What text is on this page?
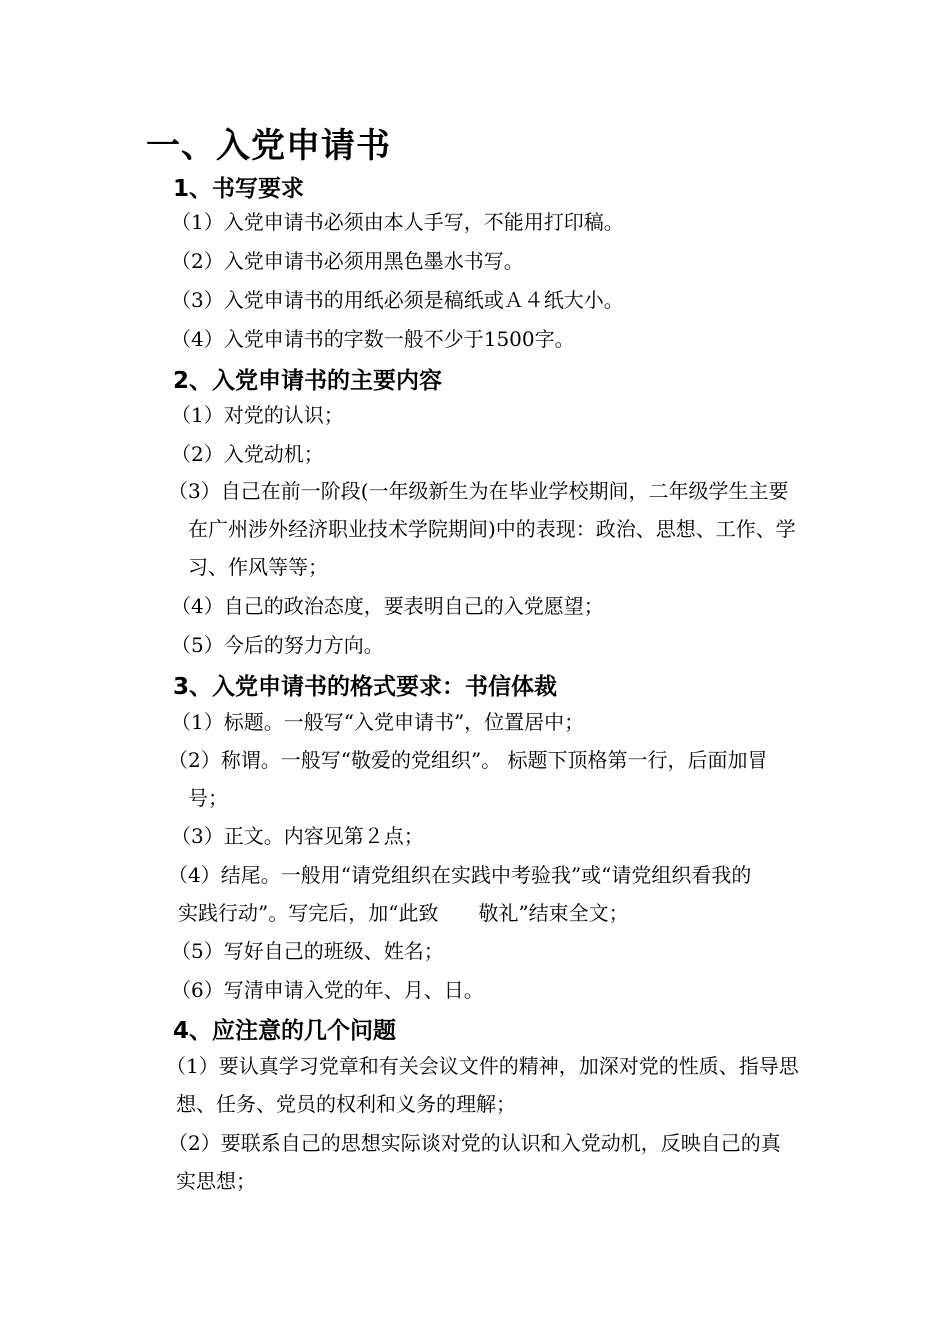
一、入党申请书
1、书写要求
（1）入党申请书必须由本人手写，不能用打印稿。
（2）入党申请书必须用黑色墨水书写。
（3）入党申请书的用纸必须是稿纸或Ａ４纸大小。
（4）入党申请书的字数一般不少于1500字。
2、入党申请书的主要内容
（1）对党的认识；
（2）入党动机；
（3）自己在前一阶段(一年级新生为在毕业学校期间，二年级学生主要
在广州涉外经济职业技术学院期间)中的表现：政治、思想、工作、学
习、作风等等；
（4）自己的政治态度，要表明自己的入党愿望；
（5）今后的努力方向。
3、入党申请书的格式要求：书信体裁
（1）标题。一般写“入党申请书”，位置居中；
（2）称谓。一般写“敬爱的党组织”。 标题下顶格第一行，后面加冒
号；
（3）正文。内容见第２点；
（4）结尾。一般用“请党组织在实践中考验我”或“请党组织看我的
实践行动”。写完后，加“此致　　敬礼”结束全文；
（5）写好自己的班级、姓名；
（6）写清申请入党的年、月、日。
4、应注意的几个问题
（1）要认真学习党章和有关会议文件的精神，加深对党的性质、指导思
想、任务、党员的权利和义务的理解；
（2）要联系自己的思想实际谈对党的认识和入党动机，反映自己的真
实思想；
